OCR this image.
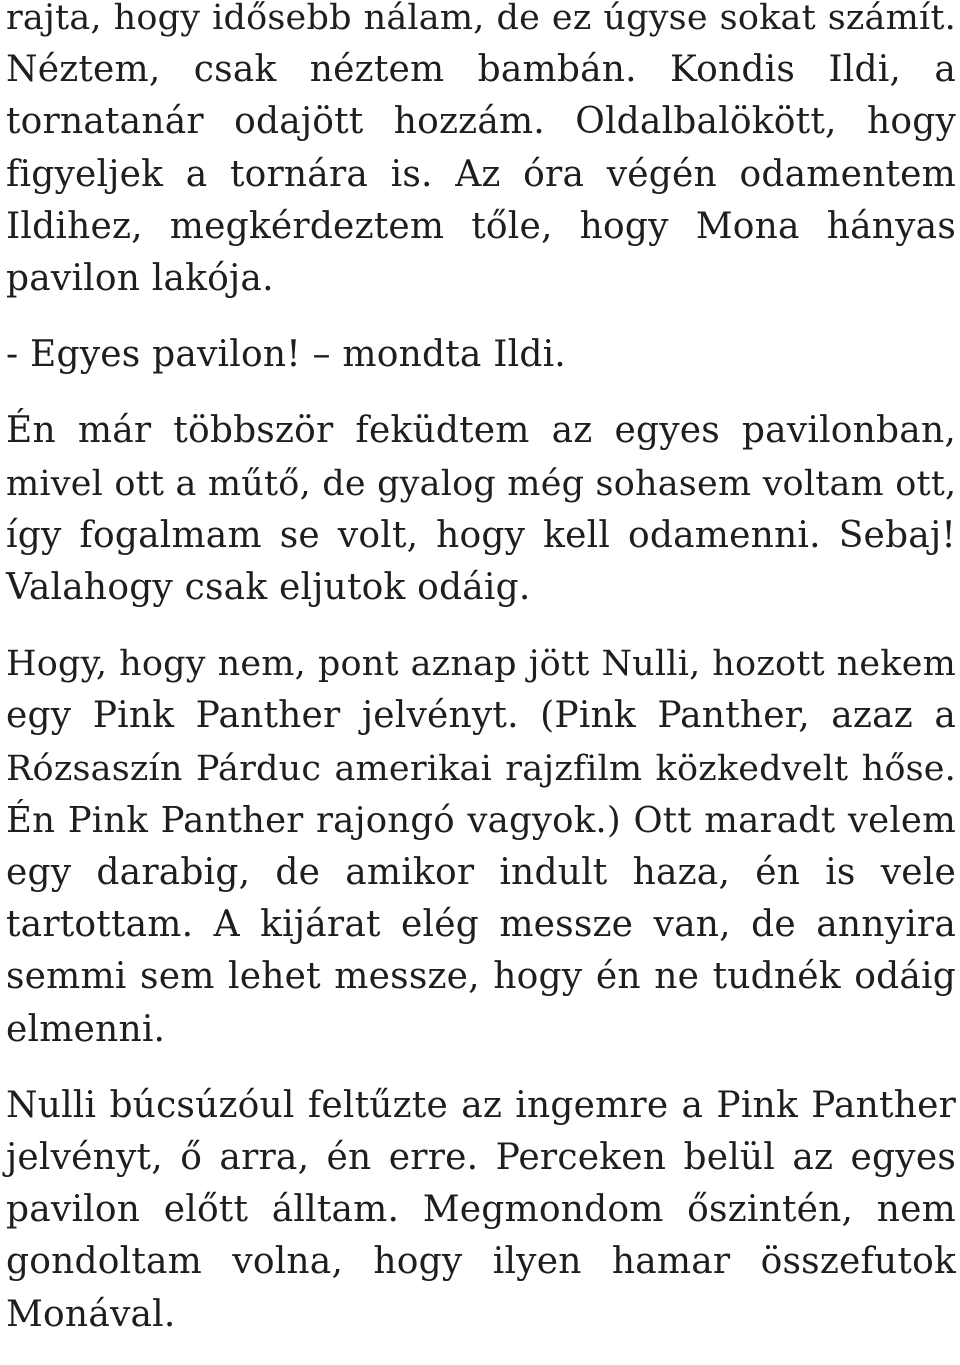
rajta, hogy idősebb nálam, de ez úgyse sokat számít.
Néztem, csak néztem bambán. Kondis Ildi, a
tornatanár odajött hozzám. Oldalbalökött, hogy
figyeljek a tornára is. Az óra végén odamentem
Ildihez, megkérdeztem tőle, hogy Mona hányas
pavilon lakója.

- Egyes pavilon! – mondta Ildi.

Én már többször feküdtem az egyes pavilonban,
mivel ott a műtő, de gyalog még sohasem voltam ott,
így fogalmam se volt, hogy kell odamenni. Sebaj!
Valahogy csak eljutok odáig.

Hogy, hogy nem, pont aznap jött Nulli, hozott nekem
egy Pink Panther jelvényt. (Pink Panther, azaz a
Rózsaszín Párduc amerikai rajzfilm közkedvelt hőse.
Én Pink Panther rajongó vagyok.) Ott maradt velem
egy darabig, de amikor indult haza, én is vele
tartottam. A kijárat elég messze van, de annyira
semmi sem lehet messze, hogy én ne tudnék odáig
elmenni.

Nulli búcsúzóul feltűzte az ingemre a Pink Panther
jelvényt, ő arra, én erre. Perceken belül az egyes
pavilon előtt álltam. Megmondom őszintén, nem
gondoltam volna, hogy ilyen hamar összefutok
Monával.
